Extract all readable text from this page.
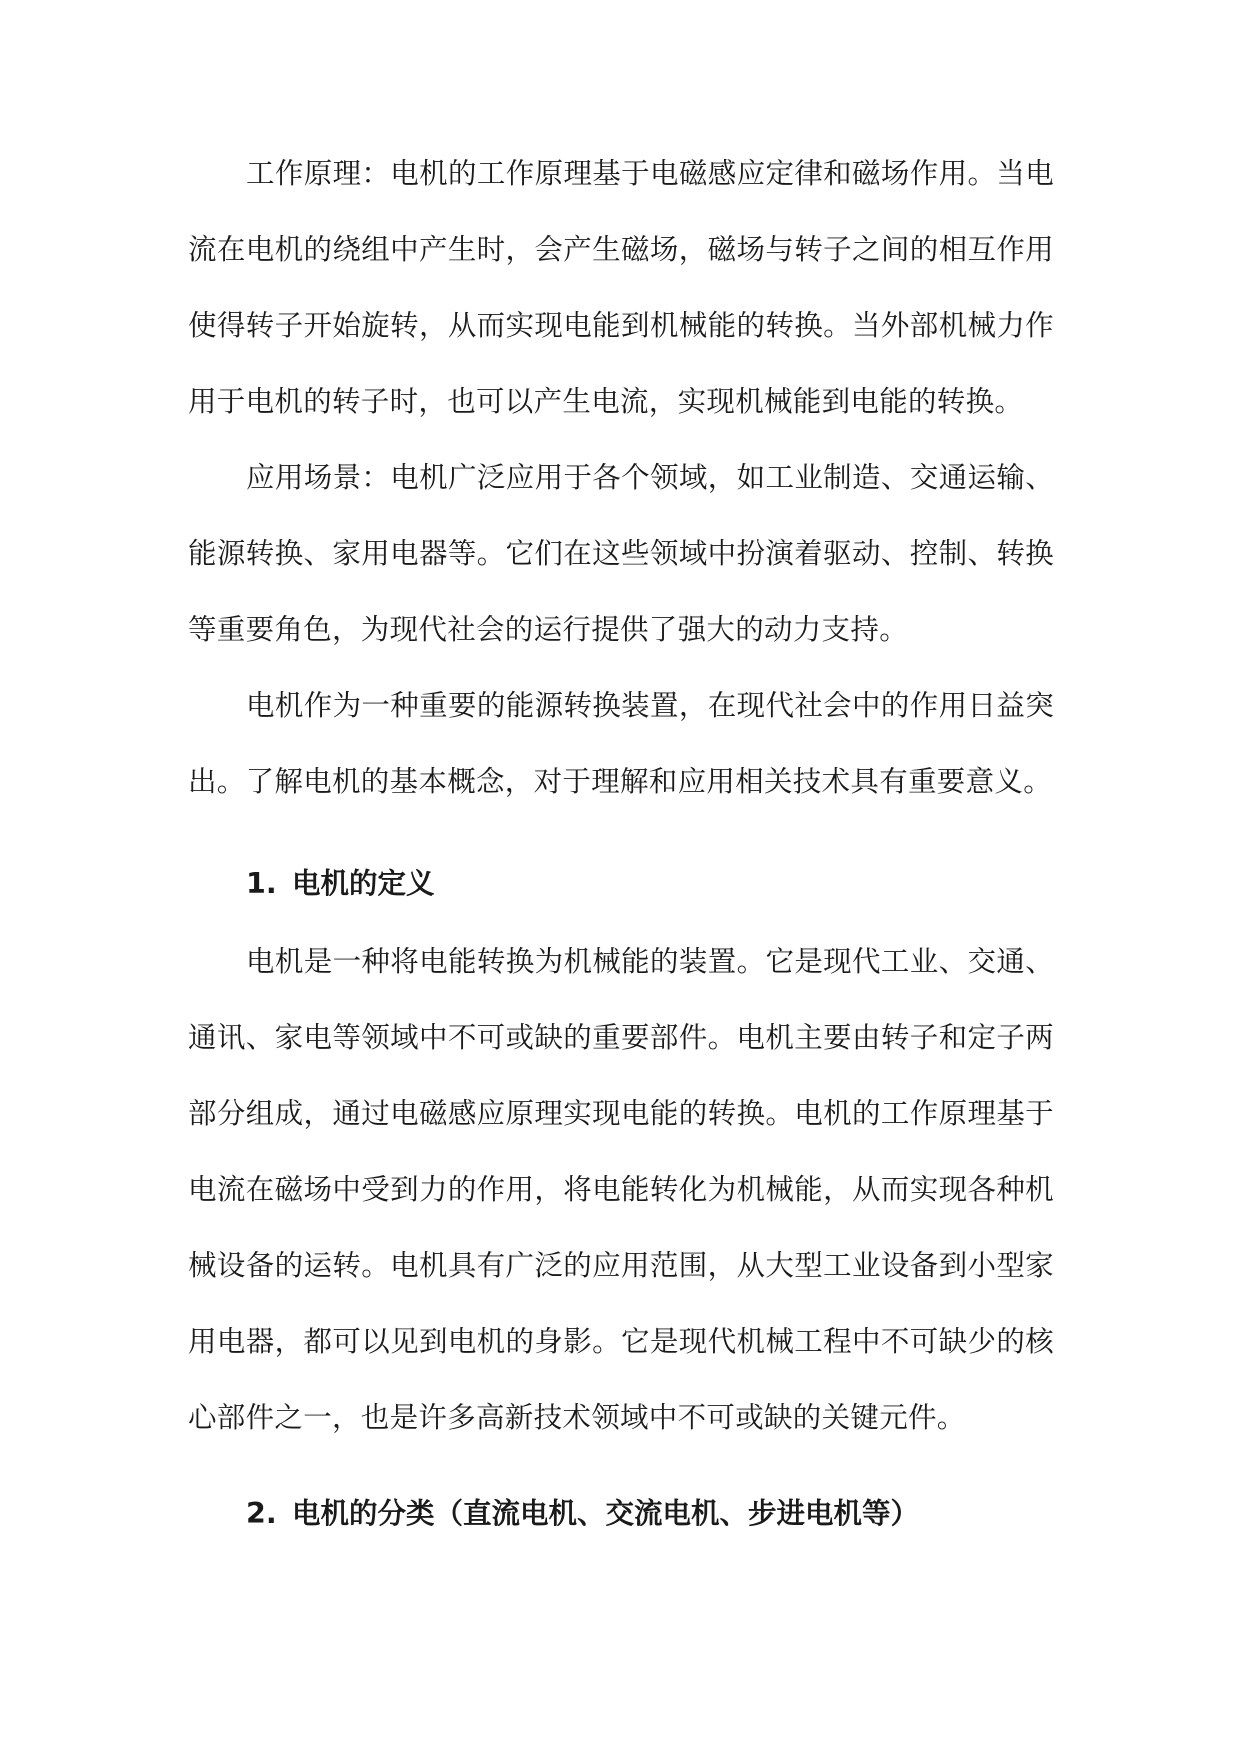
工作原理：电机的工作原理基于电磁感应定律和磁场作用。当电流在电机的绕组中产生时，会产生磁场，磁场与转子之间的相互作用使得转子开始旋转，从而实现电能到机械能的转换。当外部机械力作用于电机的转子时，也可以产生电流，实现机械能到电能的转换。

应用场景：电机广泛应用于各个领域，如工业制造、交通运输、能源转换、家用电器等。它们在这些领域中扮演着驱动、控制、转换等重要角色，为现代社会的运行提供了强大的动力支持。

电机作为一种重要的能源转换装置，在现代社会中的作用日益突出。了解电机的基本概念，对于理解和应用相关技术具有重要意义。

1. 电机的定义

电机是一种将电能转换为机械能的装置。它是现代工业、交通、通讯、家电等领域中不可或缺的重要部件。电机主要由转子和定子两部分组成，通过电磁感应原理实现电能的转换。电机的工作原理基于电流在磁场中受到力的作用，将电能转化为机械能，从而实现各种机械设备的运转。电机具有广泛的应用范围，从大型工业设备到小型家用电器，都可以见到电机的身影。它是现代机械工程中不可缺少的核心部件之一，也是许多高新技术领域中不可或缺的关键元件。

2. 电机的分类（直流电机、交流电机、步进电机等）
